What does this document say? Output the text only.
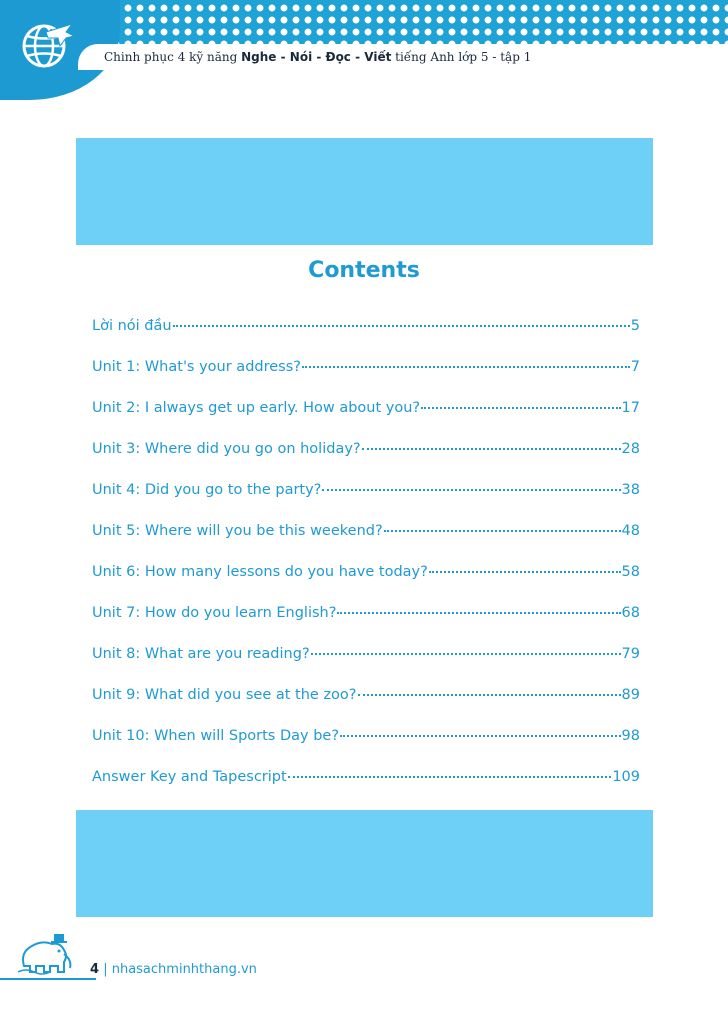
Chinh phục 4 kỹ năng Nghe - Nói - Đọc - Viết tiếng Anh lớp 5 - tập 1
Contents
Lời nói đầu	5
Unit 1: What's your address?	7
Unit 2: I always get up early. How about you?	17
Unit 3: Where did you go on holiday?	28
Unit 4: Did you go to the party?	38
Unit 5: Where will you be this weekend?	48
Unit 6: How many lessons do you have today?	58
Unit 7: How do you learn English?	68
Unit 8: What are you reading?	79
Unit 9: What did you see at the zoo?	89
Unit 10: When will Sports Day be?	98
Answer Key and Tapescript	109
4 | nhasachminhthang.vn
